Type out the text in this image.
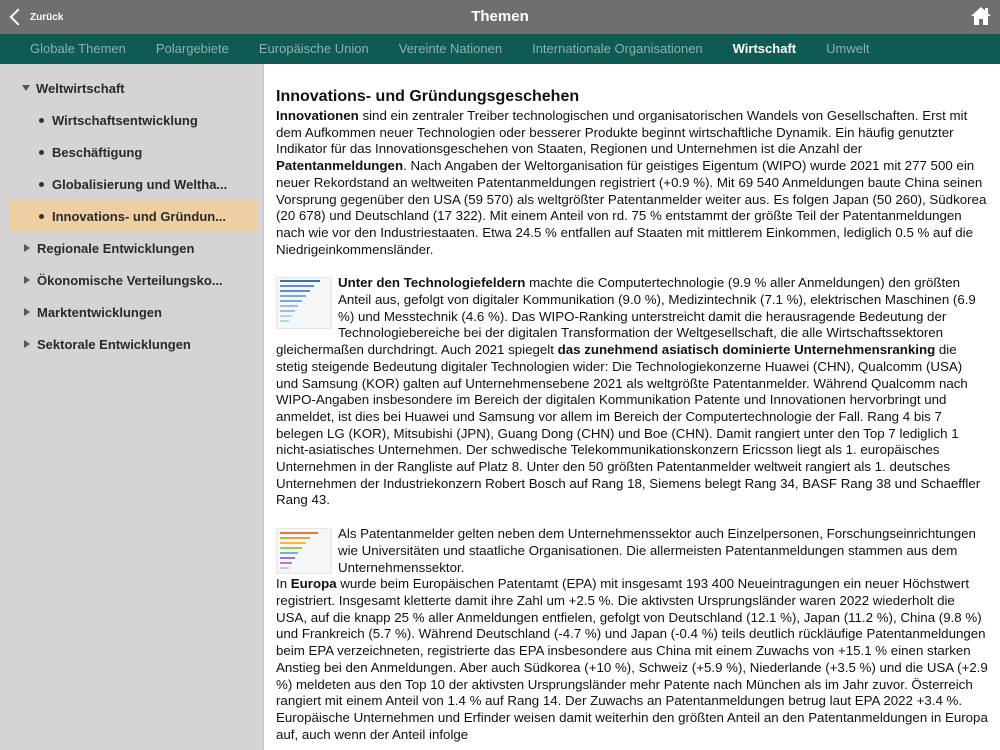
Zurück	Themen
Globale Themen	Polargebiete	Europäische Union	Vereinte Nationen	Internationale Organisationen	Wirtschaft	Umwelt
Weltwirtschaft
Wirtschaftsentwicklung
Beschäftigung
Globalisierung und Weltha...
Innovations- und Gründun...
Regionale Entwicklungen
Ökonomische Verteilungsko...
Marktentwicklungen
Sektorale Entwicklungen
Innovations- und Gründungsgeschehen

Innovationen sind ein zentraler Treiber technologischen und organisatorischen Wandels von Gesellschaften. Erst mit dem Aufkommen neuer Technologien oder besserer Produkte beginnt wirtschaftliche Dynamik. Ein häufig genutzter Indikator für das Innovationsgeschehen von Staaten, Regionen und Unternehmen ist die Anzahl der Patentanmeldungen. Nach Angaben der Weltorganisation für geistiges Eigentum (WIPO) wurde 2021 mit 277 500 ein neuer Rekordstand an weltweiten Patentanmeldungen registriert (+0.9 %). Mit 69 540 Anmeldungen baute China seinen Vorsprung gegenüber den USA (59 570) als weltgrößter Patentanmelder weiter aus. Es folgen Japan (50 260), Südkorea (20 678) und Deutschland (17 322). Mit einem Anteil von rd. 75 % entstammt der größte Teil der Patentanmeldungen nach wie vor den Industriestaaten. Etwa 24.5 % entfallen auf Staaten mit mittlerem Einkommen, lediglich 0.5 % auf die Niedrigeinkommensländer.

Unter den Technologiefeldern machte die Computertechnologie (9.9 % aller Anmeldungen) den größten Anteil aus, gefolgt von digitaler Kommunikation (9.0 %), Medizintechnik (7.1 %), elektrischen Maschinen (6.9 %) und Messtechnik (4.6 %). Das WIPO-Ranking unterstreicht damit die herausragende Bedeutung der Technologiebereiche bei der digitalen Transformation der Weltgesellschaft, die alle Wirtschaftssektoren gleichermaßen durchdringt. Auch 2021 spiegelt das zunehmend asiatisch dominierte Unternehmensranking die stetig steigende Bedeutung digitaler Technologien wider: Die Technologiekonzerne Huawei (CHN), Qualcomm (USA) und Samsung (KOR) galten auf Unternehmensebene 2021 als weltgrößte Patentanmelder. Während Qualcomm nach WIPO-Angaben insbesondere im Bereich der digitalen Kommunikation Patente und Innovationen hervorbringt und anmeldet, ist dies bei Huawei und Samsung vor allem im Bereich der Computertechnologie der Fall. Rang 4 bis 7 belegen LG (KOR), Mitsubishi (JPN), Guang Dong (CHN) und Boe (CHN). Damit rangiert unter den Top 7 lediglich 1 nicht-asiatisches Unternehmen. Der schwedische Telekommunikationskonzern Ericsson liegt als 1. europäisches Unternehmen in der Rangliste auf Platz 8. Unter den 50 größten Patentanmelder weltweit rangiert als 1. deutsches Unternehmen der Industriekonzern Robert Bosch auf Rang 18, Siemens belegt Rang 34, BASF Rang 38 und Schaeffler Rang 43.

Als Patentanmelder gelten neben dem Unternehmenssektor auch Einzelpersonen, Forschungseinrichtungen wie Universitäten und staatliche Organisationen. Die allermeisten Patentanmeldungen stammen aus dem Unternehmenssektor.

In Europa wurde beim Europäischen Patentamt (EPA) mit insgesamt 193 400 Neueintragungen ein neuer Höchstwert registriert. Insgesamt kletterte damit ihre Zahl um +2.5 %. Die aktivsten Ursprungsländer waren 2022 wiederholt die USA, auf die knapp 25 % aller Anmeldungen entfielen, gefolgt von Deutschland (12.1 %), Japan (11.2 %), China (9.8 %) und Frankreich (5.7 %). Während Deutschland (-4.7 %) und Japan (-0.4 %) teils deutlich rückläufige Patentanmeldungen beim EPA verzeichneten, registrierte das EPA insbesondere aus China mit einem Zuwachs von +15.1 % einen starken Anstieg bei den Anmeldungen. Aber auch Südkorea (+10 %), Schweiz (+5.9 %), Niederlande (+3.5 %) und die USA (+2.9 %) meldeten aus den Top 10 der aktivsten Ursprungsländer mehr Patente nach München als im Jahr zuvor. Österreich rangiert mit einem Anteil von 1.4 % auf Rang 14. Der Zuwachs an Patentanmeldungen betrug laut EPA 2022 +3.4 %. Europäische Unternehmen und Erfinder weisen damit weiterhin den größten Anteil an den Patentanmeldungen in Europa auf, auch wenn der Anteil infolge
